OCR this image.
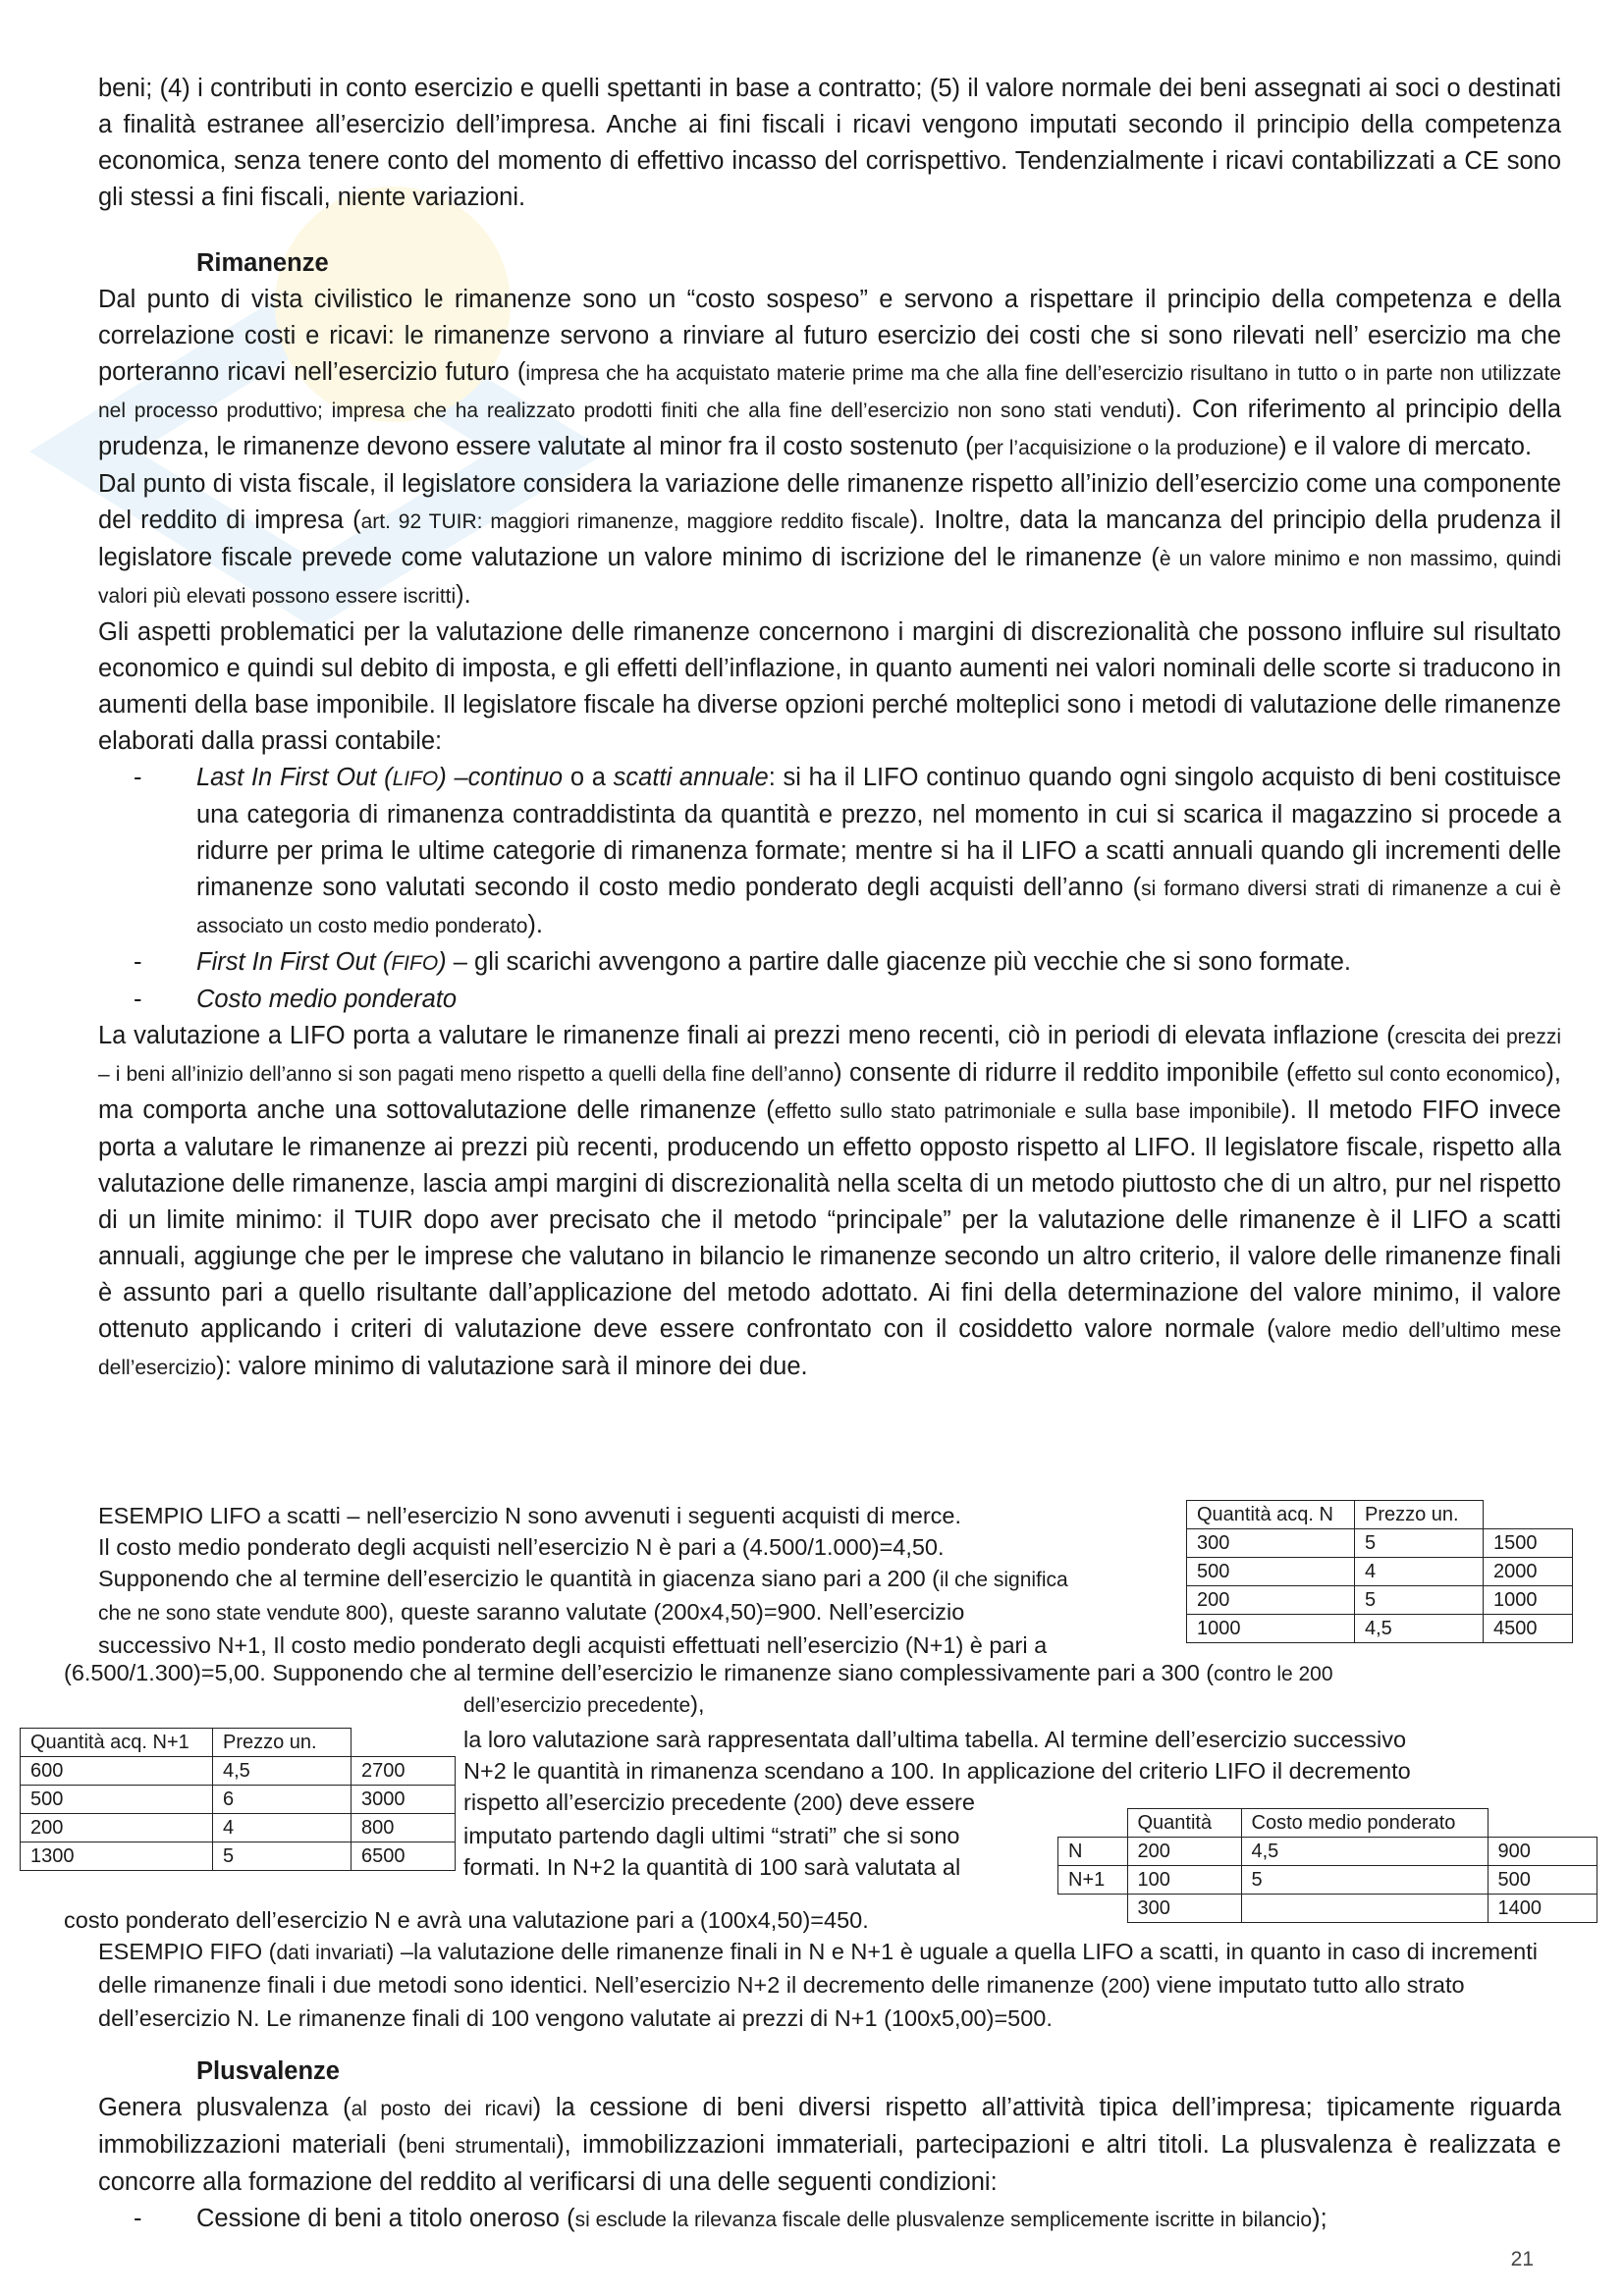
beni; (4) i contributi in conto esercizio e quelli spettanti in base a contratto; (5) il valore normale dei beni assegnati ai soci o destinati a finalità estranee all’esercizio dell’impresa. Anche ai fini fiscali i ricavi vengono imputati secondo il principio della competenza economica, senza tenere conto del momento di effettivo incasso del corrispettivo. Tendenzialmente i ricavi contabilizzati a CE sono gli stessi a fini fiscali, niente variazioni.

Rimanenze

Dal punto di vista civilistico le rimanenze sono un “costo sospeso” e servono a rispettare il principio della competenza e della correlazione costi e ricavi: le rimanenze servono a rinviare al futuro esercizio dei costi che si sono rilevati nell’ esercizio ma che porteranno ricavi nell’esercizio futuro (impresa che ha acquistato materie prime ma che alla fine dell’esercizio risultano in tutto o in parte non utilizzate nel processo produttivo; impresa che ha realizzato prodotti finiti che alla fine dell’esercizio non sono stati venduti). Con riferimento al principio della prudenza, le rimanenze devono essere valutate al minor fra il costo sostenuto (per l’acquisizione o la produzione) e il valore di mercato.

Dal punto di vista fiscale, il legislatore considera la variazione delle rimanenze rispetto all’inizio dell’esercizio come una componente del reddito di impresa (art. 92 TUIR: maggiori rimanenze, maggiore reddito fiscale). Inoltre, data la mancanza del principio della prudenza il legislatore fiscale prevede come valutazione un valore minimo di iscrizione del le rimanenze (è un valore minimo e non massimo, quindi valori più elevati possono essere iscritti).

Gli aspetti problematici per la valutazione delle rimanenze concernono i margini di discrezionalità che possono influire sul risultato economico e quindi sul debito di imposta, e gli effetti dell’inflazione, in quanto aumenti nei valori nominali delle scorte si traducono in aumenti della base imponibile. Il legislatore fiscale ha diverse opzioni perché molteplici sono i metodi di valutazione delle rimanenze elaborati dalla prassi contabile:

- Last In First Out (LIFO) –continuo o a scatti annuale: si ha il LIFO continuo quando ogni singolo acquisto di beni costituisce una categoria di rimanenza contraddistinta da quantità e prezzo, nel momento in cui si scarica il magazzino si procede a ridurre per prima le ultime categorie di rimanenza formate; mentre si ha il LIFO a scatti annuali quando gli incrementi delle rimanenze sono valutati secondo il costo medio ponderato degli acquisti dell’anno (si formano diversi strati di rimanenze a cui è associato un costo medio ponderato).

- First In First Out (FIFO) – gli scarichi avvengono a partire dalle giacenze più vecchie che si sono formate.

- Costo medio ponderato

La valutazione a LIFO porta a valutare le rimanenze finali ai prezzi meno recenti, ciò in periodi di elevata inflazione (crescita dei prezzi – i beni all’inizio dell’anno si son pagati meno rispetto a quelli della fine dell’anno) consente di ridurre il reddito imponibile (effetto sul conto economico), ma comporta anche una sottovalutazione delle rimanenze (effetto sullo stato patrimoniale e sulla base imponibile). Il metodo FIFO invece porta a valutare le rimanenze ai prezzi più recenti, producendo un effetto opposto rispetto al LIFO. Il legislatore fiscale, rispetto alla valutazione delle rimanenze, lascia ampi margini di discrezionalità nella scelta di un metodo piuttosto che di un altro, pur nel rispetto di un limite minimo: il TUIR dopo aver precisato che il metodo “principale” per la valutazione delle rimanenze è il LIFO a scatti annuali, aggiunge che per le imprese che valutano in bilancio le rimanenze secondo un altro criterio, il valore delle rimanenze finali è assunto pari a quello risultante dall’applicazione del metodo adottato. Ai fini della determinazione del valore minimo, il valore ottenuto applicando i criteri di valutazione deve essere confrontato con il cosiddetto valore normale (valore medio dell’ultimo mese dell’esercizio): valore minimo di valutazione sarà il minore dei due.

ESEMPIO LIFO a scatti – nell’esercizio N sono avvenuti i seguenti acquisti di merce.
Il costo medio ponderato degli acquisti nell’esercizio N è pari a (4.500/1.000)=4,50.
Supponendo che al termine dell’esercizio le quantità in giacenza siano pari a 200 (il che significa
che ne sono state vendute 800), queste saranno valutate (200x4,50)=900. Nell’esercizio
successivo N+1, Il costo medio ponderato degli acquisti effettuati nell’esercizio (N+1) è pari a
(6.500/1.300)=5,00. Supponendo che al termine dell’esercizio le rimanenze siano complessivamente pari a 300 (contro le 200
dell’esercizio precedente),
la loro valutazione sarà rappresentata dall’ultima tabella. Al termine dell’esercizio successivo
N+2 le quantità in rimanenza scendano a 100. In applicazione del criterio LIFO il decremento
rispetto all’esercizio precedente (200) deve essere
imputato partendo dagli ultimi “strati” che si sono
formati. In N+2 la quantità di 100 sarà valutata al
costo ponderato dell’esercizio N e avrà una valutazione pari a (100x4,50)=450.
ESEMPIO FIFO (dati invariati) –la valutazione delle rimanenze finali in N e N+1 è uguale a quella LIFO a scatti, in quanto in caso di incrementi delle rimanenze finali i due metodi sono identici. Nell’esercizio N+2 il decremento delle rimanenze (200) viene imputato tutto allo strato dell’esercizio N. Le rimanenze finali di 100 vengono valutate ai prezzi di N+1 (100x5,00)=500.
Quantità acq. N	Prezzo un.	
300	5	1500
500	4	2000
200	5	1000
1000	4,5	4500
Quantità acq. N+1	Prezzo un.	
600	4,5	2700
500	6	3000
200	4	800
1300	5	6500
	Quantità	Costo medio ponderato	
N	200	4,5	900
N+1	100	5	500
	300		1400

Plusvalenze

Genera plusvalenza (al posto dei ricavi) la cessione di beni diversi rispetto all’attività tipica dell’impresa; tipicamente riguarda immobilizzazioni materiali (beni strumentali), immobilizzazioni immateriali, partecipazioni e altri titoli. La plusvalenza è realizzata e concorre alla formazione del reddito al verificarsi di una delle seguenti condizioni:

- Cessione di beni a titolo oneroso (si esclude la rilevanza fiscale delle plusvalenze semplicemente iscritte in bilancio);

21
